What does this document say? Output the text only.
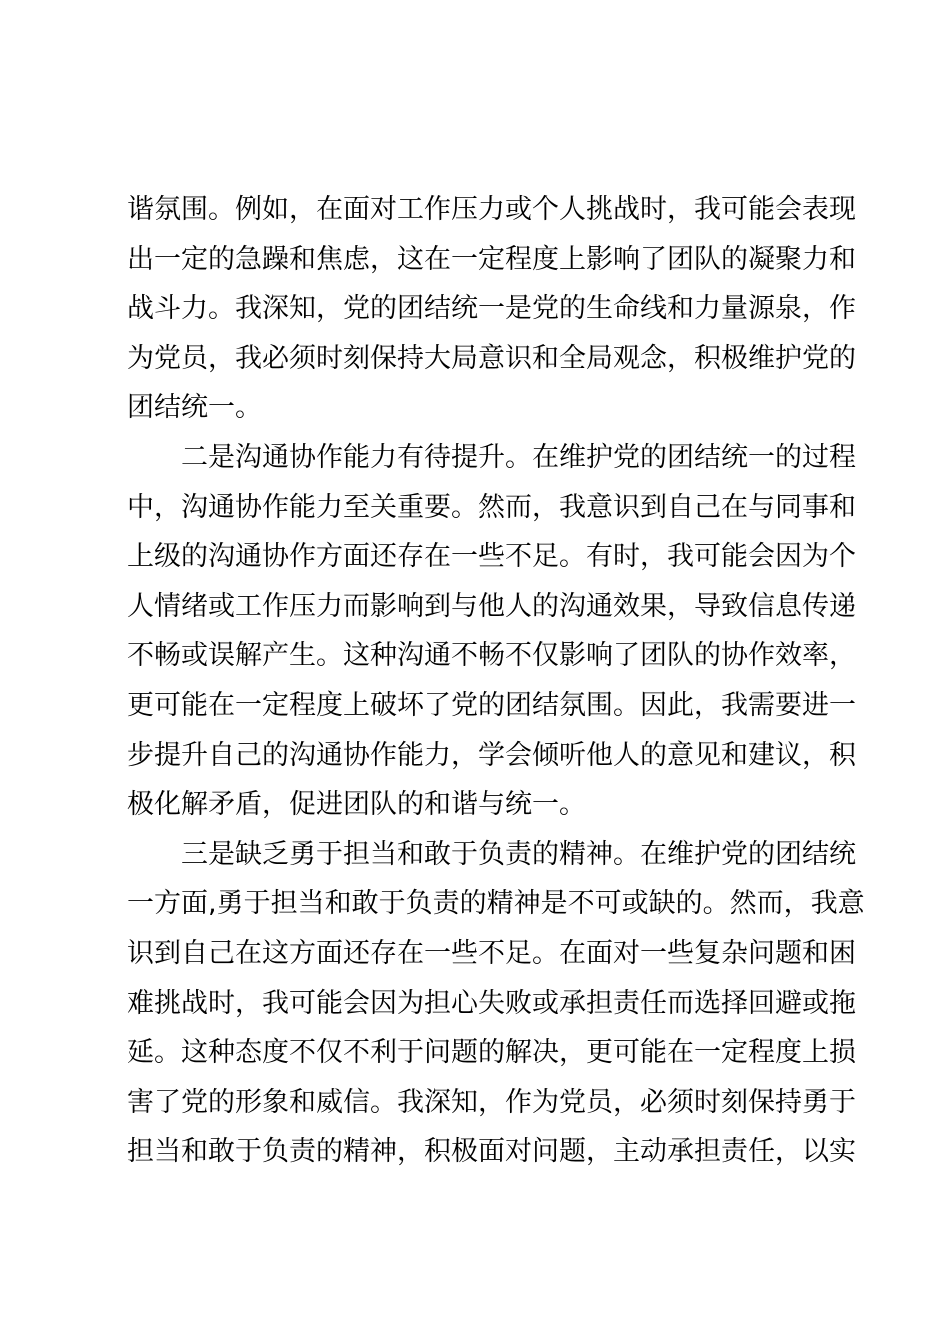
谐氛围。例如，在面对工作压力或个人挑战时，我可能会表现
出一定的急躁和焦虑，这在一定程度上影响了团队的凝聚力和
战斗力。我深知，党的团结统一是党的生命线和力量源泉，作
为党员，我必须时刻保持大局意识和全局观念，积极维护党的
团结统一。
二是沟通协作能力有待提升。在维护党的团结统一的过程
中，沟通协作能力至关重要。然而，我意识到自己在与同事和
上级的沟通协作方面还存在一些不足。有时，我可能会因为个
人情绪或工作压力而影响到与他人的沟通效果，导致信息传递
不畅或误解产生。这种沟通不畅不仅影响了团队的协作效率，
更可能在一定程度上破坏了党的团结氛围。因此，我需要进一
步提升自己的沟通协作能力，学会倾听他人的意见和建议，积
极化解矛盾，促进团队的和谐与统一。
三是缺乏勇于担当和敢于负责的精神。在维护党的团结统
一方面,勇于担当和敢于负责的精神是不可或缺的。然而，我意
识到自己在这方面还存在一些不足。在面对一些复杂问题和困
难挑战时，我可能会因为担心失败或承担责任而选择回避或拖
延。这种态度不仅不利于问题的解决，更可能在一定程度上损
害了党的形象和威信。我深知，作为党员，必须时刻保持勇于
担当和敢于负责的精神，积极面对问题，主动承担责任，以实
